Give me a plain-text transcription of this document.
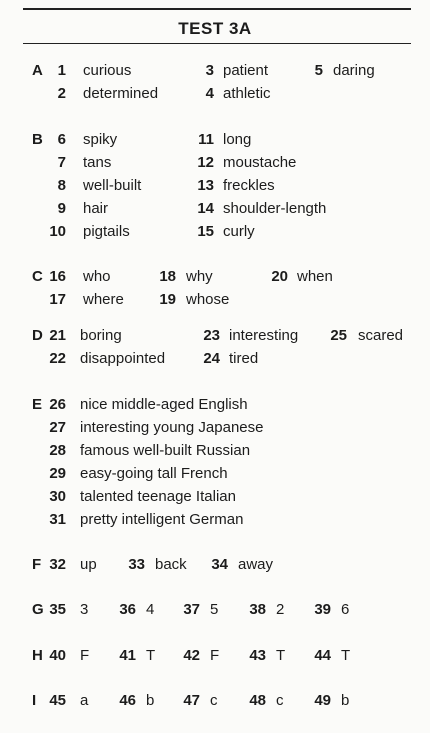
TEST 3A
A 1 curious	3 patient	5 daring
2 determined	4 athletic
B 6 spiky	11 long
7 tans	12 moustache
8 well-built	13 freckles
9 hair	14 shoulder-length
10 pigtails	15 curly
C 16 who	18 why	20 when
17 where	19 whose
D 21 boring	23 interesting	25 scared
22 disappointed	24 tired
E 26 nice middle-aged English
27 interesting young Japanese
28 famous well-built Russian
29 easy-going tall French
30 talented teenage Italian
31 pretty intelligent German
F 32 up	33 back	34 away
G 35 3	36 4	37 5	38 2	39 6
H 40 F	41 T	42 F	43 T	44 T
I 45 a	46 b	47 c	48 c	49 b
